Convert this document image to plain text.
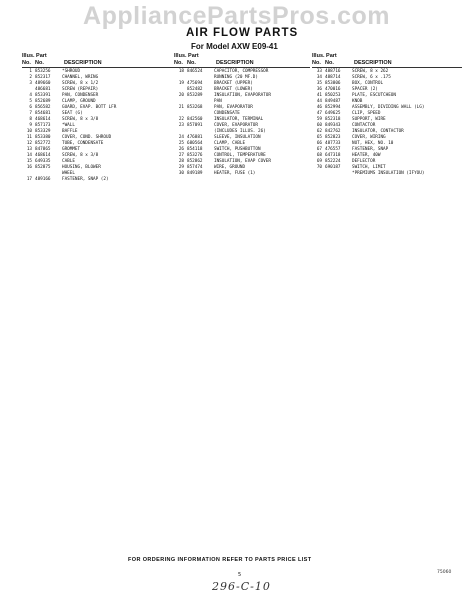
AppliancePartsPros.com
AIR FLOW PARTS
For Model AXW E09-41
Illus. Part
No. No.	DESCRIPTION
1 853256	*SHROUD
2 852317	CHANNEL, WRING
3 489660	SCREW, 8 x 1/2
486681	SCREW (REPAIR)
4 853391	PAN, CONDENSER
5 852689	CLAMP, GROUND
6 856582	GUARD, EVAP. BOTT LFR
7 854681	SEAT (G)
8 468614	SCREW, 8 x 3/8
9 857173	*WALL
10 853329	BAFFLE
11 853380	COVER, COND. SHROUD
12 852772	TUBE, CONDENSATE
13 847865	GROMMET
14 468614	SCREW, 8 x 3/8
15 649335	CABLE
16 852875	HOUSING, BLOWER
WHEEL
17 489166	FASTENER, SNAP (2)
Illus. Part
No. No.	DESCRIPTION
18 846524	CAPACITOR, COMPRESSOR
RUNNING (20 MF.D)
19 475694	BRACKET (UPPER)
852482	BRACKET (LOWER)
20 853289	INSULATION, EVAPORATOR
PAN
21 853268	PAN, EVAPORATOR
CONDENSATE
22 842560	INSULATOR, TERMINAL
23 857091	COVER, EVAPORATOR
(INCLUDES ILLUS. 26)
24 476881	SLEEVE, INSULATION
25 680564	CLAMP, CABLE
26 854118	SWITCH, PUSHBUTTON
27 853276	CONTROL, TEMPERATURE
28 852862	INSULATION, EVAP COVER
29 857474	WIRE, GROUND
30 849189	HEATER, FUSE (1)
Illus. Part
No. No.	DESCRIPTION
33 488716	SCREW, 8 x 262
34 488714	SCREW, 6 x .175
35 853806	BOX, CONTROL
36 470016	SPACER (2)
41 850253	PLATE, ESCUTCHEON
44 849487	KNOB
46 852994	ASSEMBLY, DIVIDING WALL (LG)
47 649625	CLIP, SPEED
59 852318	SUPPORT, WIRE
60 849343	CONTACTOR
62 842762	INSULATOR, CONTACTOR
65 852823	COVER, WIRING
66 487733	NUT, HEX, NO. 10
67 476557	FASTENER, SNAP
68 647318	HEATER, 40W
69 852224	DEFLECTOR
70 690187	SWITCH, LIMIT
*PREMIUMS INSULATION (IFYOU)
FOR ORDERING INFORMATION REFER TO PARTS PRICE LIST
5	75060
296-C-10
